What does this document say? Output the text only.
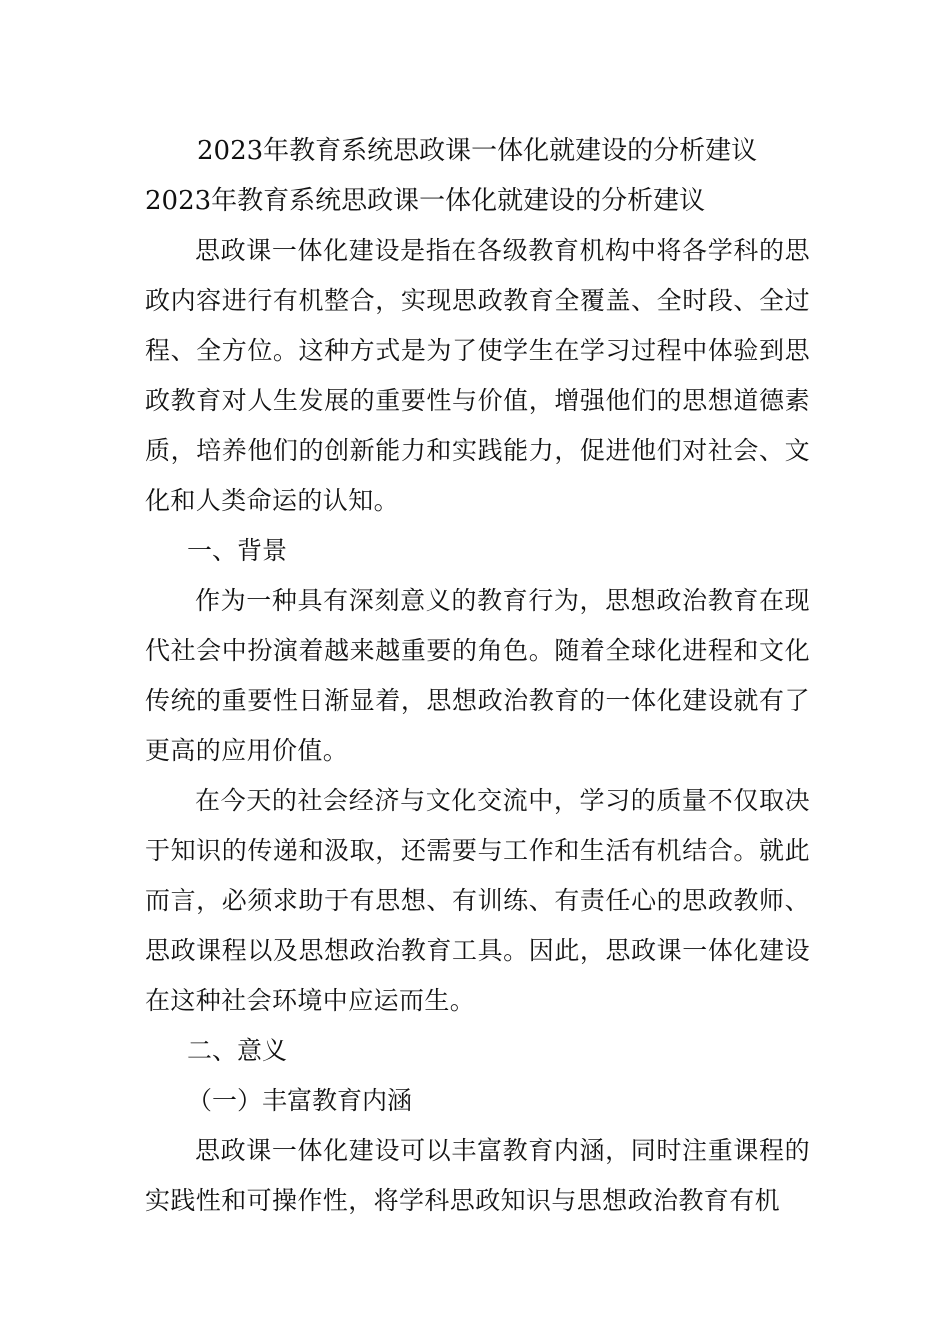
2023年教育系统思政课一体化就建设的分析建议
2023年教育系统思政课一体化就建设的分析建议

思政课一体化建设是指在各级教育机构中将各学科的思政内容进行有机整合，实现思政教育全覆盖、全时段、全过程、全方位。这种方式是为了使学生在学习过程中体验到思政教育对人生发展的重要性与价值，增强他们的思想道德素质，培养他们的创新能力和实践能力，促进他们对社会、文化和人类命运的认知。

一、背景

作为一种具有深刻意义的教育行为，思想政治教育在现代社会中扮演着越来越重要的角色。随着全球化进程和文化传统的重要性日渐显着，思想政治教育的一体化建设就有了更高的应用价值。

在今天的社会经济与文化交流中，学习的质量不仅取决于知识的传递和汲取，还需要与工作和生活有机结合。就此而言，必须求助于有思想、有训练、有责任心的思政教师、思政课程以及思想政治教育工具。因此，思政课一体化建设在这种社会环境中应运而生。

二、意义
（一）丰富教育内涵

思政课一体化建设可以丰富教育内涵，同时注重课程的实践性和可操作性，将学科思政知识与思想政治教育有机
